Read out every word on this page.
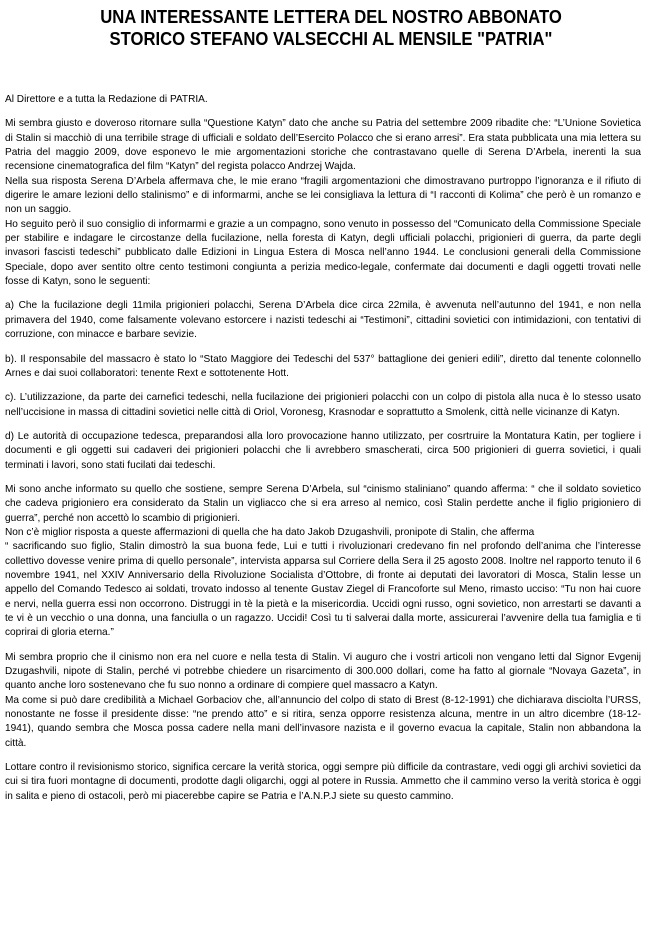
UNA INTERESSANTE LETTERA DEL NOSTRO ABBONATO
STORICO STEFANO VALSECCHI AL MENSILE "PATRIA"

Al Direttore e a tutta la Redazione di PATRIA.

Mi sembra giusto e doveroso ritornare sulla “Questione Katyn” dato che anche su Patria del settembre 2009 ribadite che: “L’Unione Sovietica di Stalin si macchiò di una terribile strage di ufficiali e soldato dell’Esercito Polacco che si erano arresi”. Era stata pubblicata una mia lettera su Patria del maggio 2009, dove esponevo le mie argomentazioni storiche che contrastavano quelle di Serena D’Arbela, inerenti la sua recensione cinematografica del film “Katyn” del regista polacco Andrzej Wajda.

Nella sua risposta Serena D’Arbela affermava che, le mie erano “fragili argomentazioni che dimostravano purtroppo l’ignoranza e il rifiuto di digerire le amare lezioni dello stalinismo” e di informarmi, anche se lei consigliava la lettura di “I racconti di Kolima” che però è un romanzo e non un saggio.

Ho seguito però il suo consiglio di informarmi e grazie a un compagno, sono venuto in possesso del “Comunicato della Commissione Speciale per stabilire e indagare le circostanze della fucilazione, nella foresta di Katyn, degli ufficiali polacchi, prigionieri di guerra, da parte degli invasori fascisti tedeschi” pubblicato dalle Edizioni in Lingua Estera di Mosca nell’anno 1944. Le conclusioni generali della Commissione Speciale, dopo aver sentito oltre cento testimoni congiunta a perizia medico-legale, confermate dai documenti e dagli oggetti trovati nelle fosse di Katyn, sono le seguenti:

a) Che la fucilazione degli 11mila prigionieri polacchi, Serena D’Arbela dice circa 22mila, è avvenuta nell’autunno del 1941, e non nella primavera del 1940, come falsamente volevano estorcere i nazisti tedeschi ai “Testimoni”, cittadini sovietici con intimidazioni, con tentativi di corruzione, con minacce e barbare sevizie.

b). Il responsabile del massacro è stato lo “Stato Maggiore dei Tedeschi del 537° battaglione dei genieri edili”, diretto dal tenente colonnello Arnes e dai suoi collaboratori: tenente Rext e sottotenente Hott.

c). L’utilizzazione, da parte dei carnefici tedeschi, nella fucilazione dei prigionieri polacchi con un colpo di pistola alla nuca è lo stesso usato nell’uccisione in massa di cittadini sovietici nelle città di Oriol, Voronesg, Krasnodar e soprattutto a Smolenk, città nelle vicinanze di Katyn.

d) Le autorità di occupazione tedesca, preparandosi alla loro provocazione hanno utilizzato, per cosrtruire la Montatura Katin, per togliere i documenti e gli oggetti sui cadaveri dei prigionieri polacchi che li avrebbero smascherati, circa 500 prigionieri di guerra sovietici, i quali terminati i lavori, sono stati fucilati dai tedeschi.

Mi sono anche informato su quello che sostiene, sempre Serena D’Arbela, sul “cinismo staliniano” quando afferma: “ che il soldato sovietico che cadeva prigioniero era considerato da Stalin un vigliacco che si era arreso al nemico, così Stalin perdette anche il figlio prigioniero di guerra”, perché non accettò lo scambio di prigionieri.

Non c’è miglior risposta a queste affermazioni di quella che ha dato Jakob Dzugashvili, pronipote di Stalin, che afferma

“ sacrificando suo figlio, Stalin dimostrò la sua buona fede, Lui e tutti i rivoluzionari credevano fin nel profondo dell’anima che l’interesse collettivo dovesse venire prima di quello personale”, intervista apparsa sul Corriere della Sera il 25 agosto 2008. Inoltre nel rapporto tenuto il 6 novembre 1941, nel XXIV Anniversario della Rivoluzione Socialista d’Ottobre, di fronte ai deputati dei lavoratori di Mosca, Stalin lesse un appello del Comando Tedesco ai soldati, trovato indosso al tenente Gustav Ziegel di Francoforte sul Meno, rimasto ucciso: “Tu non hai cuore e nervi, nella guerra essi non occorrono. Distruggi in tè la pietà e la misericordia. Uccidi ogni russo, ogni sovietico, non arrestarti se davanti a te vi è un vecchio o una donna, una fanciulla o un ragazzo. Uccidi! Così tu ti salverai dalla morte, assicurerai l’avvenire della tua famiglia e ti coprirai di gloria eterna.”

Mi sembra proprio che il cinismo non era nel cuore e nella testa di Stalin. Vi auguro che i vostri articoli non vengano letti dal Signor Evgenij Dzugashvili, nipote di Stalin, perché vi potrebbe chiedere un risarcimento di 300.000 dollari, come ha fatto al giornale “Novaya Gazeta”, in quanto anche loro sostenevano che fu suo nonno a ordinare di compiere quel massacro a Katyn.

Ma come si può dare credibilità a Michael Gorbaciov che, all’annuncio del colpo di stato di Brest (8-12-1991) che dichiarava disciolta l’URSS, nonostante ne fosse il presidente disse: “ne prendo atto” e si ritira, senza opporre resistenza alcuna, mentre in un altro dicembre (18-12-1941), quando sembra che Mosca possa cadere nella mani dell’invasore nazista e il governo evacua la capitale, Stalin non abbandona la città.

Lottare contro il revisionismo storico, significa cercare la verità storica, oggi sempre più difficile da contrastare, vedi oggi gli archivi sovietici da cui si tira fuori montagne di documenti, prodotte dagli oligarchi, oggi al potere in Russia. Ammetto che il cammino verso la verità storica è oggi in salita e pieno di ostacoli, però mi piacerebbe capire se Patria e l’A.N.P.J siete su questo cammino.
